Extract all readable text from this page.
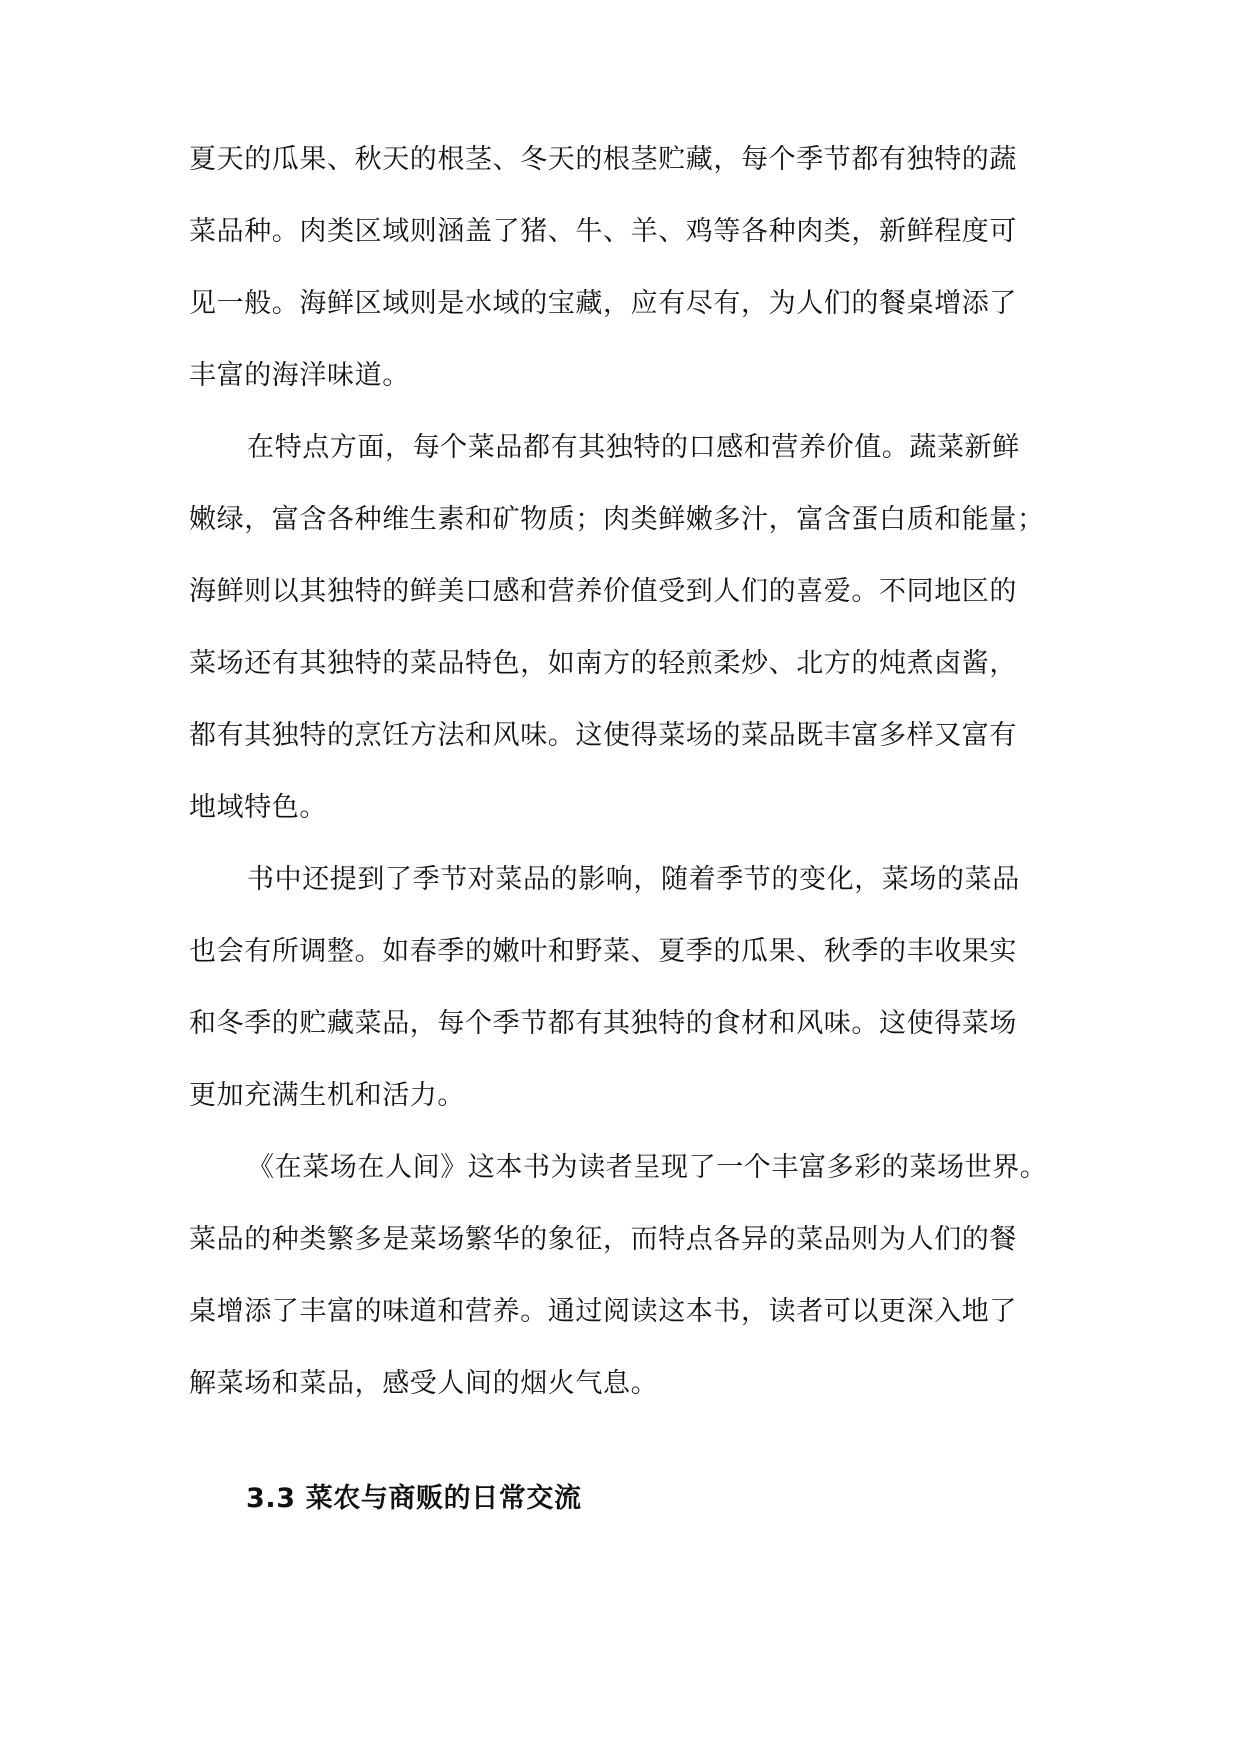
夏天的瓜果、秋天的根茎、冬天的根茎贮藏，每个季节都有独特的蔬
菜品种。肉类区域则涵盖了猪、牛、羊、鸡等各种肉类，新鲜程度可
见一般。海鲜区域则是水域的宝藏，应有尽有，为人们的餐桌增添了
丰富的海洋味道。
在特点方面，每个菜品都有其独特的口感和营养价值。蔬菜新鲜
嫩绿，富含各种维生素和矿物质；肉类鲜嫩多汁，富含蛋白质和能量；
海鲜则以其独特的鲜美口感和营养价值受到人们的喜爱。不同地区的
菜场还有其独特的菜品特色，如南方的轻煎柔炒、北方的炖煮卤酱，
都有其独特的烹饪方法和风味。这使得菜场的菜品既丰富多样又富有
地域特色。
书中还提到了季节对菜品的影响，随着季节的变化，菜场的菜品
也会有所调整。如春季的嫩叶和野菜、夏季的瓜果、秋季的丰收果实
和冬季的贮藏菜品，每个季节都有其独特的食材和风味。这使得菜场
更加充满生机和活力。
《在菜场在人间》这本书为读者呈现了一个丰富多彩的菜场世界。
菜品的种类繁多是菜场繁华的象征，而特点各异的菜品则为人们的餐
桌增添了丰富的味道和营养。通过阅读这本书，读者可以更深入地了
解菜场和菜品，感受人间的烟火气息。
3.3 菜农与商贩的日常交流
